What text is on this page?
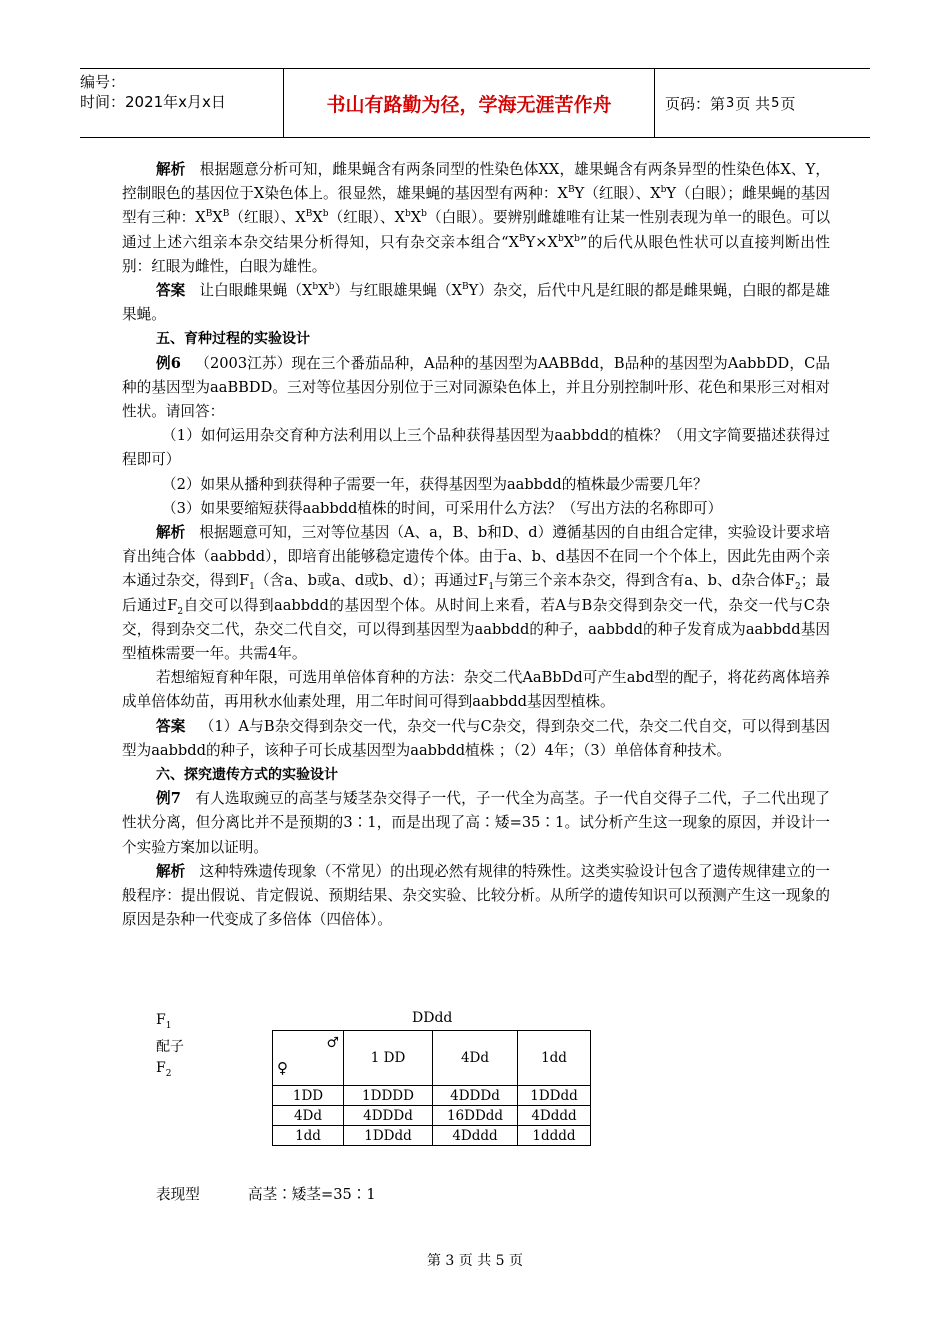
编号：
时间：2021年x月x日	书山有路勤为径，学海无涯苦作舟	页码：第 3 页 共 5 页

解析 根据题意分析可知，雌果蝇含有两条同型的性染色体XX，雄果蝇含有两条异型的性染色体X、Y，控制眼色的基因位于X染色体上。很显然，雄果蝇的基因型有两种：$X^BY$（红眼）、$X^bY$（白眼）；雌果蝇的基因型有三种：$X^BX^B$（红眼）、$X^BX^b$（红眼）、$X^bX^b$（白眼）。要辨别雌雄唯有让某一性别表现为单一的眼色。可以通过上述六组亲本杂交结果分析得知，只有杂交亲本组合“$X^BY\times X^bX^b$”的后代从眼色性状可以直接判断出性别：红眼为雌性，白眼为雄性。

答案 让白眼雌果蝇$(X^bX^b)$与红眼雄果蝇$(X^BY)$杂交，后代中凡是红眼的都是雌果蝇，白眼的都是雄果蝇。

五、育种过程的实验设计

例6 （2003江苏）现在三个番茄品种，A品种的基因型为AABBdd，B品种的基因型为AabbDD，C品种的基因型为aaBBDD。三对等位基因分别位于三对同源染色体上，并且分别控制叶形、花色和果形三对相对性状。请回答：

（1）如何运用杂交育种方法利用以上三个品种获得基因型为aabbdd的植株？（用文字简要描述获得过程即可）

（2）如果从播种到获得种子需要一年，获得基因型为aabbdd的植株最少需要几年？

（3）如果要缩短获得aabbdd植株的时间，可采用什么方法？（写出方法的名称即可）

解析 根据题意可知，三对等位基因（A、a，B、b和D、d）遵循基因的自由组合定律，实验设计要求培育出纯合体（aabbdd），即培育出能够稳定遗传个体。由于a、b、d基因不在同一个个体上，因此先由两个亲本通过杂交，得到$F_1$（含a、b或a、d或b、d）；再通过$F_1$与第三个亲本杂交，得到含有a、b、d杂合体$F_2$；最后通过$F_2$自交可以得到aabbdd的基因型个体。从时间上来看，若A与B杂交得到杂交一代，杂交一代与C杂交，得到杂交二代，杂交二代自交，可以得到基因型为aabbdd的种子，aabbdd的种子发育成为aabbdd基因型植株需要一年。共需4年。

若想缩短育种年限，可选用单倍体育种的方法：杂交二代AaBbDd可产生abd型的配子，将花药离体培养成单倍体幼苗，再用秋水仙素处理，用二年时间可得到aabbdd基因型植株。

答案 （1）A与B杂交得到杂交一代，杂交一代与C杂交，得到杂交二代，杂交二代自交，可以得到基因型为aabbdd的种子，该种子可长成基因型为aabbdd植株 ；（2）4年；（3）单倍体育种技术。

六、探究遗传方式的实验设计

例7 有人选取豌豆的高茎与矮茎杂交得子一代，子一代全为高茎。子一代自交得子二代，子二代出现了性状分离，但分离比并不是预期的3∶1，而是出现了高∶矮=35∶1。试分析产生这一现象的原因，并设计一个实验方案加以证明。

解析 这种特殊遗传现象（不常见）的出现必然有规律的特殊性。这类实验设计包含了遗传规律建立的一般程序：提出假说、肯定假说、预期结果、杂交实验、比较分析。从所学的遗传知识可以预测产生这一现象的原因是杂种一代变成了多倍体（四倍体）。

$F_1$	DDdd
配子
$F_2$
♂
♀	1 DD	4Dd	1dd
1DD	1DDDD	4DDDd	1DDdd
4Dd	4DDDd	16DDdd	4Dddd
1dd	1DDdd	4Dddd	1dddd
表现型	高茎∶矮茎=35∶1
第 3 页 共 5 页
